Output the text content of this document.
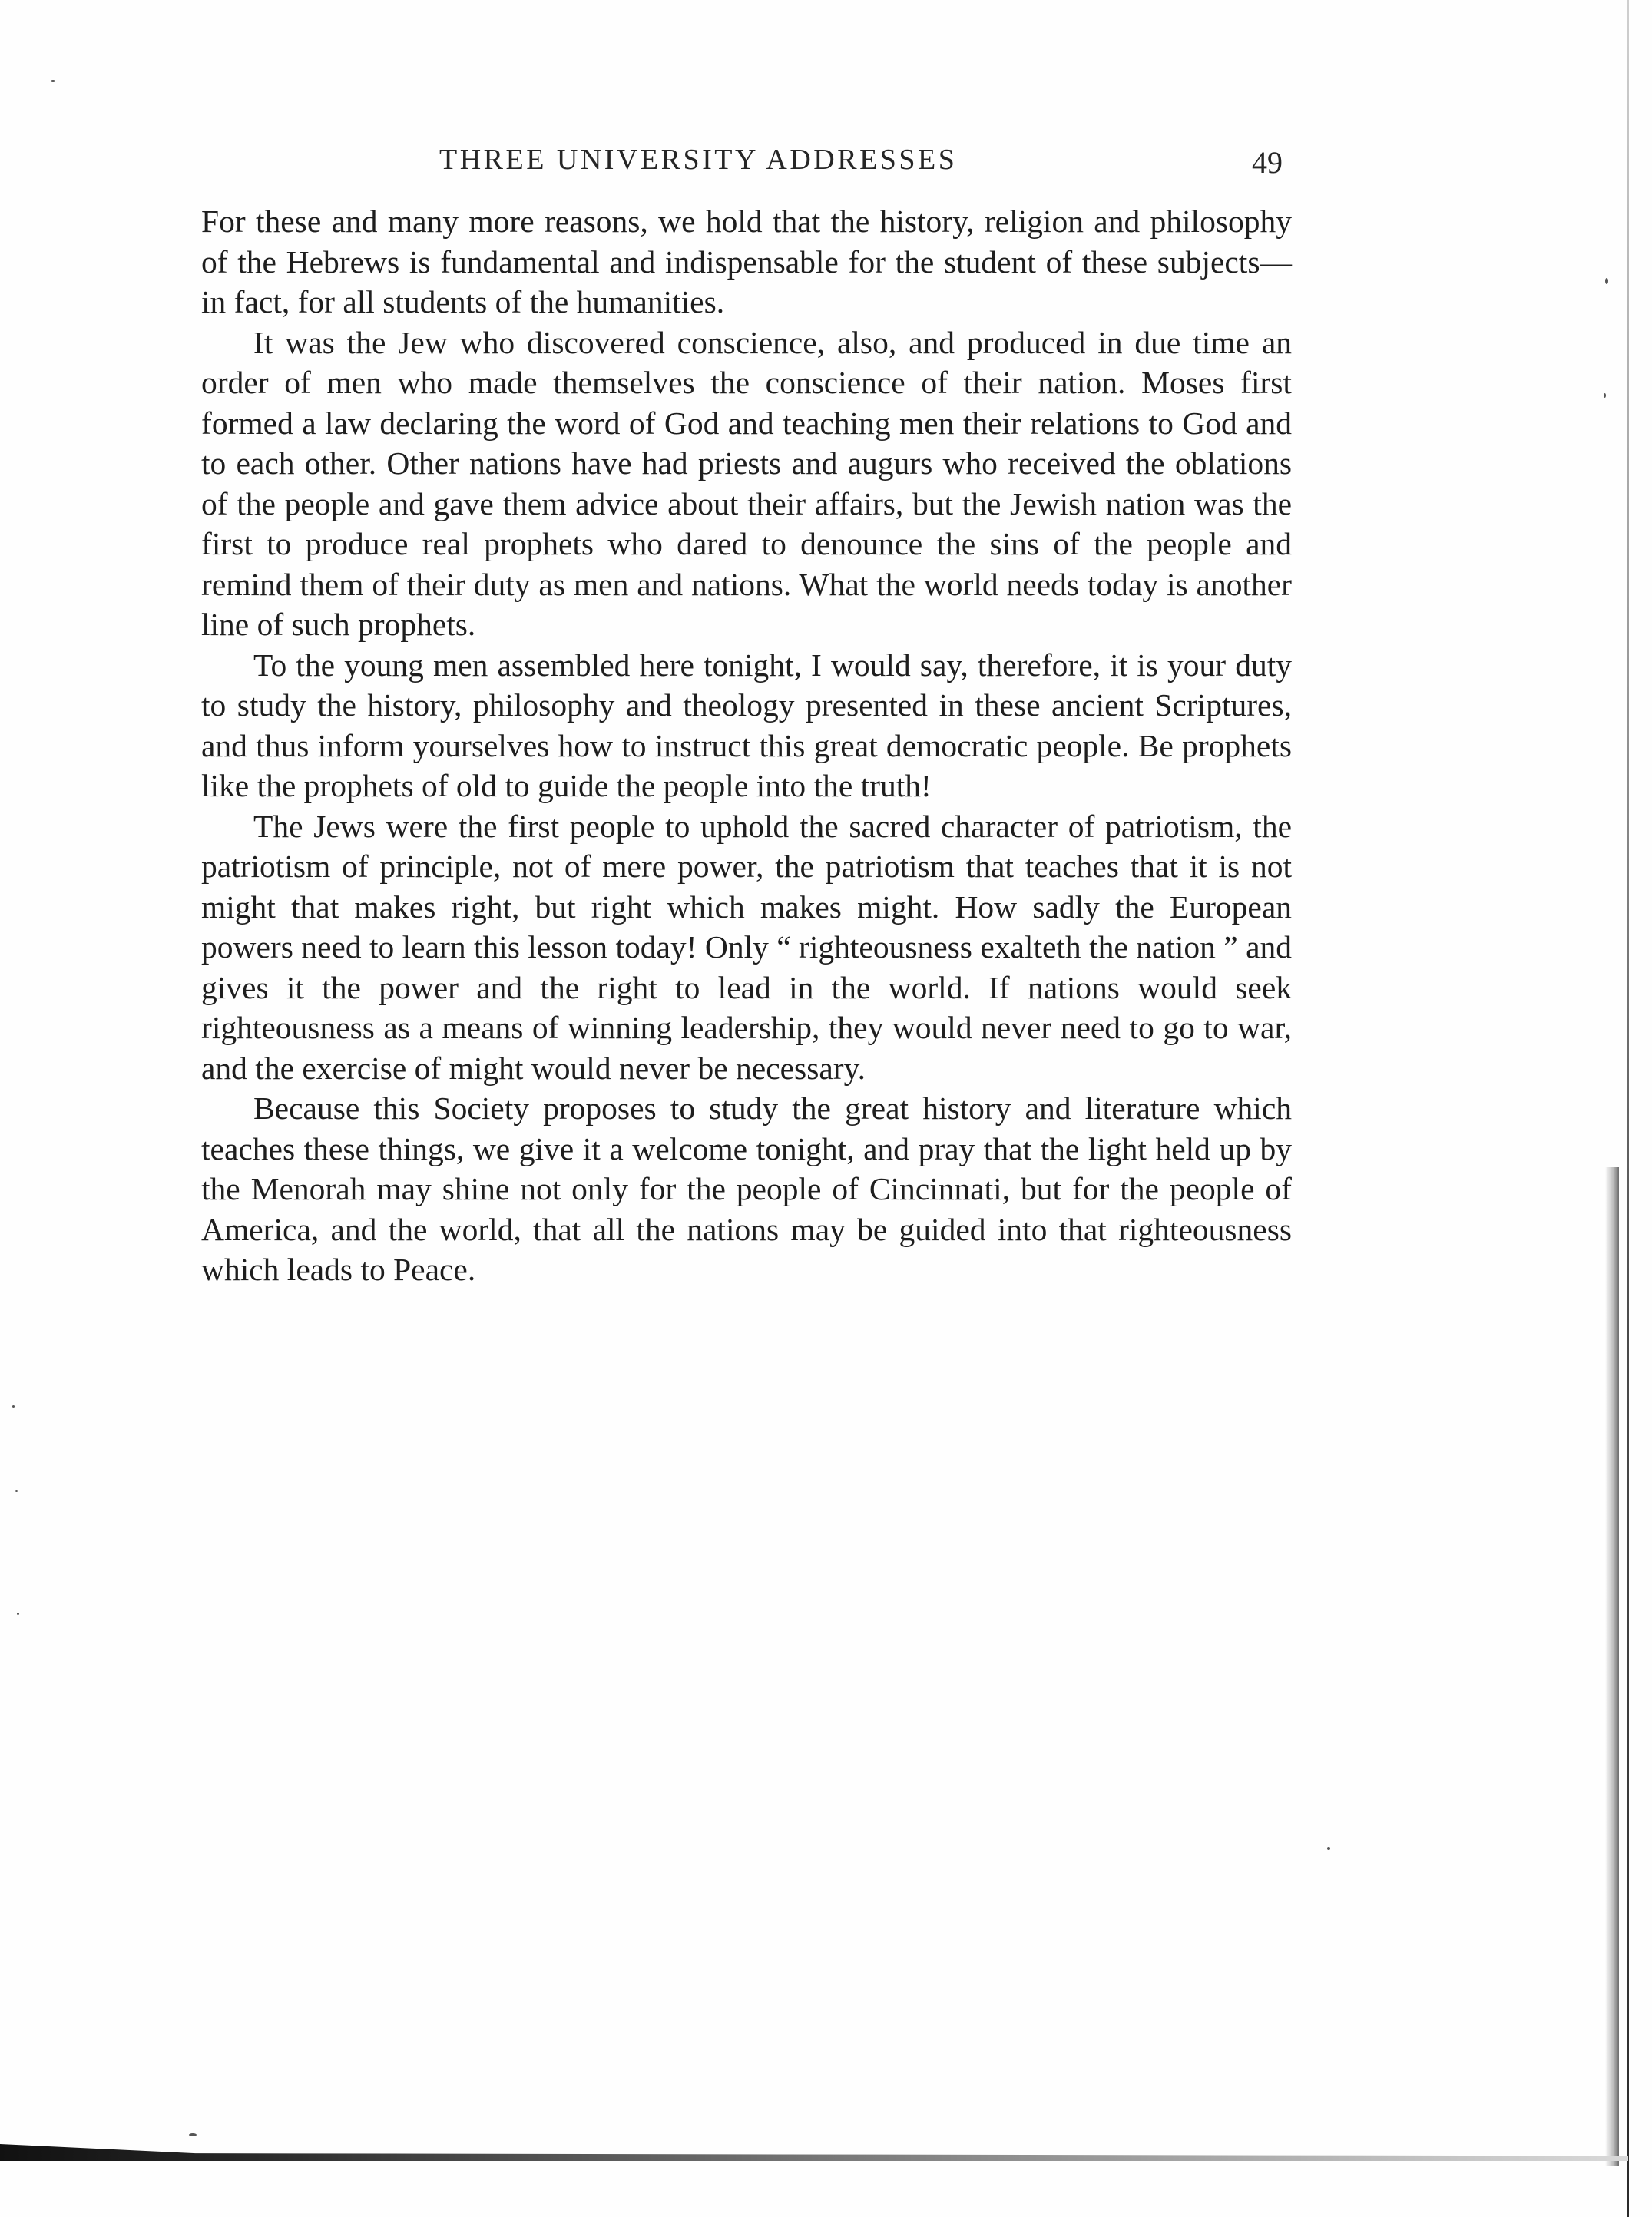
THREE UNIVERSITY ADDRESSES	49

For these and many more reasons, we hold that the history, religion and philosophy of the Hebrews is fundamental and indispensable for the student of these subjects—in fact, for all students of the humanities.

It was the Jew who discovered conscience, also, and produced in due time an order of men who made themselves the conscience of their nation. Moses first formed a law declaring the word of God and teaching men their relations to God and to each other. Other nations have had priests and augurs who received the oblations of the people and gave them advice about their affairs, but the Jewish nation was the first to produce real prophets who dared to denounce the sins of the people and remind them of their duty as men and nations. What the world needs today is another line of such prophets.

To the young men assembled here tonight, I would say, therefore, it is your duty to study the history, philosophy and theology presented in these ancient Scriptures, and thus inform yourselves how to instruct this great democratic people. Be prophets like the prophets of old to guide the people into the truth!

The Jews were the first people to uphold the sacred character of patriotism, the patriotism of principle, not of mere power, the patriotism that teaches that it is not might that makes right, but right which makes might. How sadly the European powers need to learn this lesson today! Only “ righteousness exalteth the nation ” and gives it the power and the right to lead in the world. If nations would seek righteousness as a means of winning leadership, they would never need to go to war, and the exercise of might would never be necessary.

Because this Society proposes to study the great history and literature which teaches these things, we give it a welcome tonight, and pray that the light held up by the Menorah may shine not only for the people of Cincinnati, but for the people of America, and the world, that all the nations may be guided into that righteousness which leads to Peace.
